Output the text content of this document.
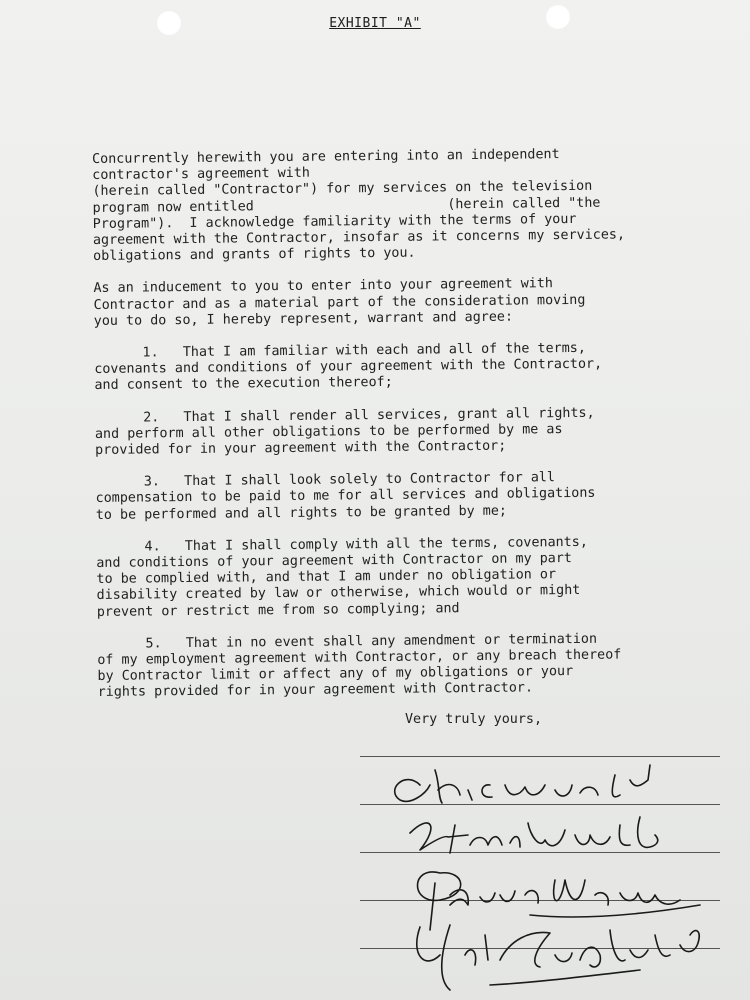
EXHIBIT "A"

Concurrently herewith you are entering into an independent

contractor's agreement with

(herein called "Contractor") for my services on the television

program now entitled                        (herein called "the

Program").  I acknowledge familiarity with the terms of your

agreement with the Contractor, insofar as it concerns my services,

obligations and grants of rights to you.

As an inducement to you to enter into your agreement with

Contractor and as a material part of the consideration moving

you to do so, I hereby represent, warrant and agree:

1.   That I am familiar with each and all of the terms,

covenants and conditions of your agreement with the Contractor,

and consent to the execution thereof;

2.   That I shall render all services, grant all rights,

and perform all other obligations to be performed by me as

provided for in your agreement with the Contractor;

3.   That I shall look solely to Contractor for all

compensation to be paid to me for all services and obligations

to be performed and all rights to be granted by me;

4.   That I shall comply with all the terms, covenants,

and conditions of your agreement with Contractor on my part

to be complied with, and that I am under no obligation or

disability created by law or otherwise, which would or might

prevent or restrict me from so complying; and

5.   That in no event shall any amendment or termination

of my employment agreement with Contractor, or any breach thereof

by Contractor limit or affect any of my obligations or your

rights provided for in your agreement with Contractor.

Very truly yours,
